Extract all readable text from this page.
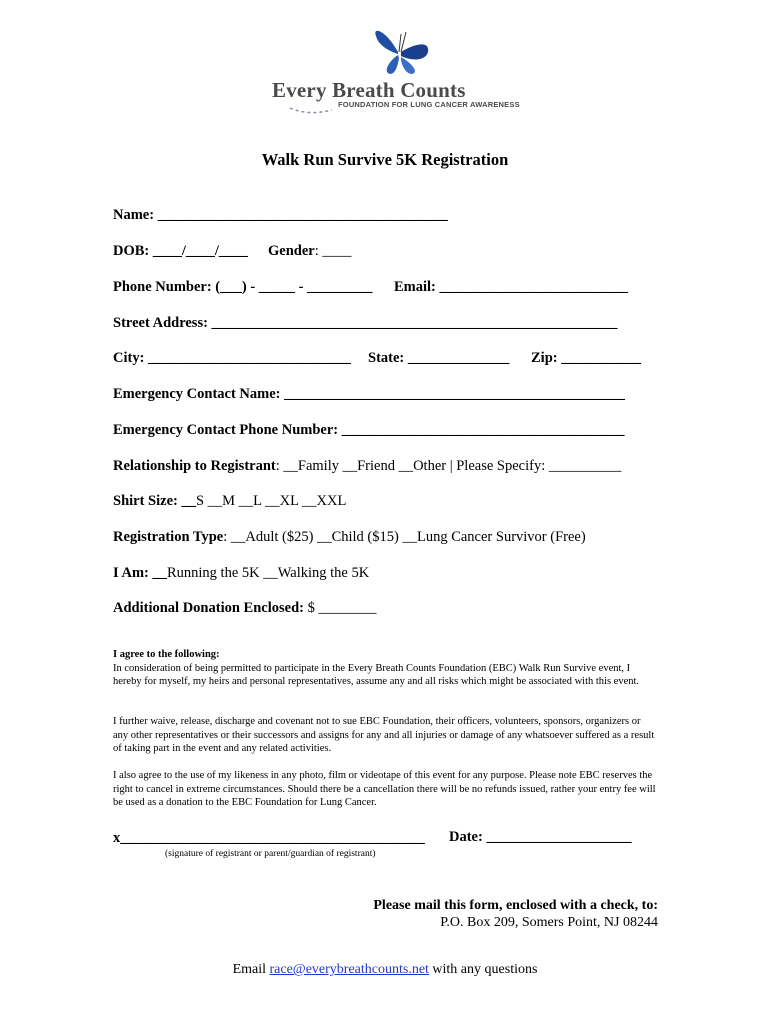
Every Breath Counts
FOUNDATION FOR LUNG CANCER AWARENESS
Walk Run Survive 5K Registration
Name: ________________________________________
DOB: ____/____/____ Gender: ____
Phone Number: (___) - _____ - _________ Email: __________________________
Street Address: ________________________________________________________
City: ____________________________ State: ______________ Zip: ___________
Emergency Contact Name: _______________________________________________
Emergency Contact Phone Number: _______________________________________
Relationship to Registrant: __Family __Friend __Other | Please Specify: __________
Shirt Size: __S __M __L __XL __XXL
Registration Type: __Adult ($25) __Child ($15) __Lung Cancer Survivor (Free)
I Am: __Running the 5K __Walking the 5K
Additional Donation Enclosed: $ ________
I agree to the following:
In consideration of being permitted to participate in the Every Breath Counts Foundation (EBC) Walk Run Survive event, I hereby for myself, my heirs and personal representatives, assume any and all risks which might be associated with this event.
I further waive, release, discharge and covenant not to sue EBC Foundation, their officers, volunteers, sponsors, organizers or any other representatives or their successors and assigns for any and all injuries or damage of any whatsoever suffered as a result of taking part in the event and any related activities.
I also agree to the use of my likeness in any photo, film or videotape of this event for any purpose. Please note EBC reserves the right to cancel in extreme circumstances. Should there be a cancellation there will be no refunds issued, rather your entry fee will be used as a donation to the EBC Foundation for Lung Cancer.
x__________________________________________ Date: ____________________
(signature of registrant or parent/guardian of registrant)
Please mail this form, enclosed with a check, to:
P.O. Box 209, Somers Point, NJ 08244
Email race@everybreathcounts.net with any questions
